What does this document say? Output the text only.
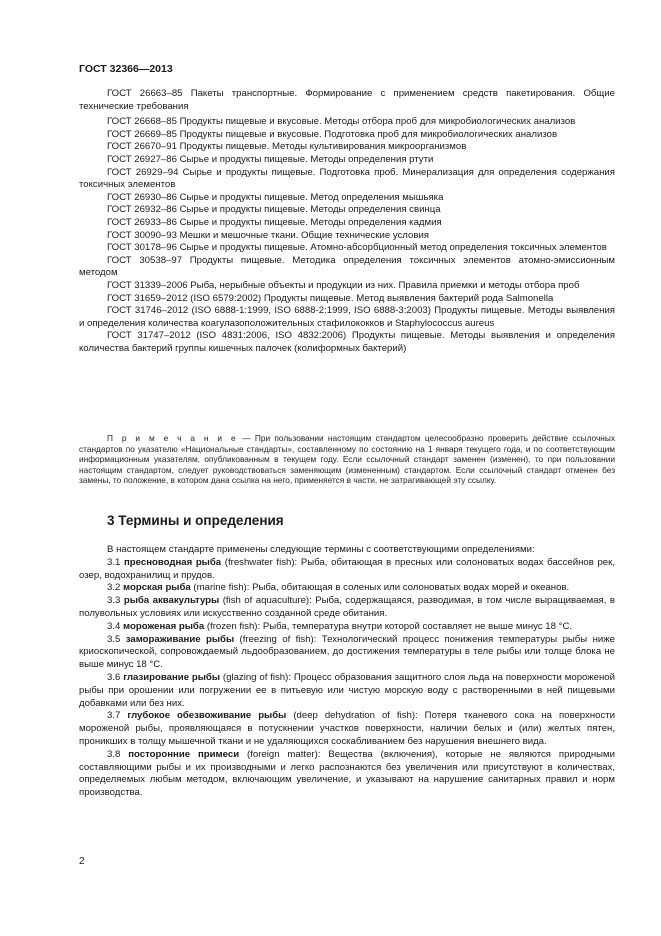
ГОСТ 32366—2013

ГОСТ 26663–85 Пакеты транспортные. Формирование с применением средств пакетирования. Общие технические требования

ГОСТ 26668–85 Продукты пищевые и вкусовые. Методы отбора проб для микробиологических анализов

ГОСТ 26669–85 Продукты пищевые и вкусовые. Подготовка проб для микробиологических анализов

ГОСТ 26670–91 Продукты пищевые. Методы культивирования микроорганизмов

ГОСТ 26927–86 Сырье и продукты пищевые. Методы определения ртути

ГОСТ 26929–94 Сырье и продукты пищевые. Подготовка проб. Минерализация для определения содержания токсичных элементов

ГОСТ 26930–86 Сырье и продукты пищевые. Метод определения мышьяка

ГОСТ 26932–86 Сырье и продукты пищевые. Методы определения свинца

ГОСТ 26933–86 Сырье и продукты пищевые. Методы определения кадмия

ГОСТ 30090–93 Мешки и мешочные ткани. Общие технические условия

ГОСТ 30178–96 Сырье и продукты пищевые. Атомно-абсорбционный метод определения токсичных элементов

ГОСТ 30538–97 Продукты пищевые. Методика определения токсичных элементов атомно-эмиссионным методом

ГОСТ 31339–2006 Рыба, нерыбные объекты и продукции из них. Правила приемки и методы отбора проб

ГОСТ 31659–2012 (ISO 6579:2002) Продукты пищевые. Метод выявления бактерий рода Salmonella

ГОСТ 31746–2012 (ISO 6888-1:1999, ISO 6888-2:1999, ISO 6888-3:2003) Продукты пищевые. Методы выявления и определения количества коагулазоположительных стафилококков и Staphylococcus aureus

ГОСТ 31747–2012 (ISO 4831:2006, ISO 4832:2006) Продукты пищевые. Методы выявления и определения количества бактерий группы кишечных палочек (колиформных бактерий)

П р и м е ч а н и е — При пользовании настоящим стандартом целесообразно проверить действие ссылочных стандартов по указателю «Национальные стандарты», составленному по состоянию на 1 января текущего года, и по соответствующим информационным указателям, опубликованным в текущем году. Если ссылочный стандарт заменен (изменен), то при пользовании настоящим стандартом, следует руководствоваться заменяющим (измененным) стандартом. Если ссылочный стандарт отменен без замены, то положение, в котором дана ссылка на него, применяется в части, не затрагивающей эту ссылку.
3 Термины и определения

В настоящем стандарте применены следующие термины с соответствующими определениями:

3.1 пресноводная рыба (freshwater fish): Рыба, обитающая в пресных или солоноватых водах бассейнов рек, озер, водохранилищ и прудов.

3.2 морская рыба (marine fish): Рыба, обитающая в соленых или солоноватых водах морей и океанов.

3.3 рыба аквакультуры (fish of aquaculture): Рыба, содержащаяся, разводимая, в том числе выращиваемая, в полувольных условиях или искусственно созданной среде обитания.

3.4 мороженая рыба (frozen fish): Рыба, температура внутри которой составляет не выше минус 18 °С.

3.5 замораживание рыбы (freezing of fish): Технологический процесс понижения температуры рыбы ниже криоскопической, сопровождаемый льдообразованием, до достижения температуры в теле рыбы или толще блока не выше минус 18 °С.

3.6 глазирование рыбы (glazing of fish): Процесс образования защитного слоя льда на поверхности мороженой рыбы при орошении или погружении ее в питьевую или чистую морскую воду с растворенными в ней пищевыми добавками или без них.

3.7 глубокое обезвоживание рыбы (deep dehydration of fish): Потеря тканевого сока на поверхности мороженой рыбы, проявляющаяся в потускнении участков поверхности, наличии белых и (или) желтых пятен, проникших в толщу мышечной ткани и не удаляющихся соскабливанием без нарушения внешнего вида.

3.8 посторонние примеси (foreign matter): Вещества (включения), которые не являются природными составляющими рыбы и их производными и легко распознаются без увеличения или присутствуют в количествах, определяемых любым методом, включающим увеличение, и указывают на нарушение санитарных правил и норм производства.

2
